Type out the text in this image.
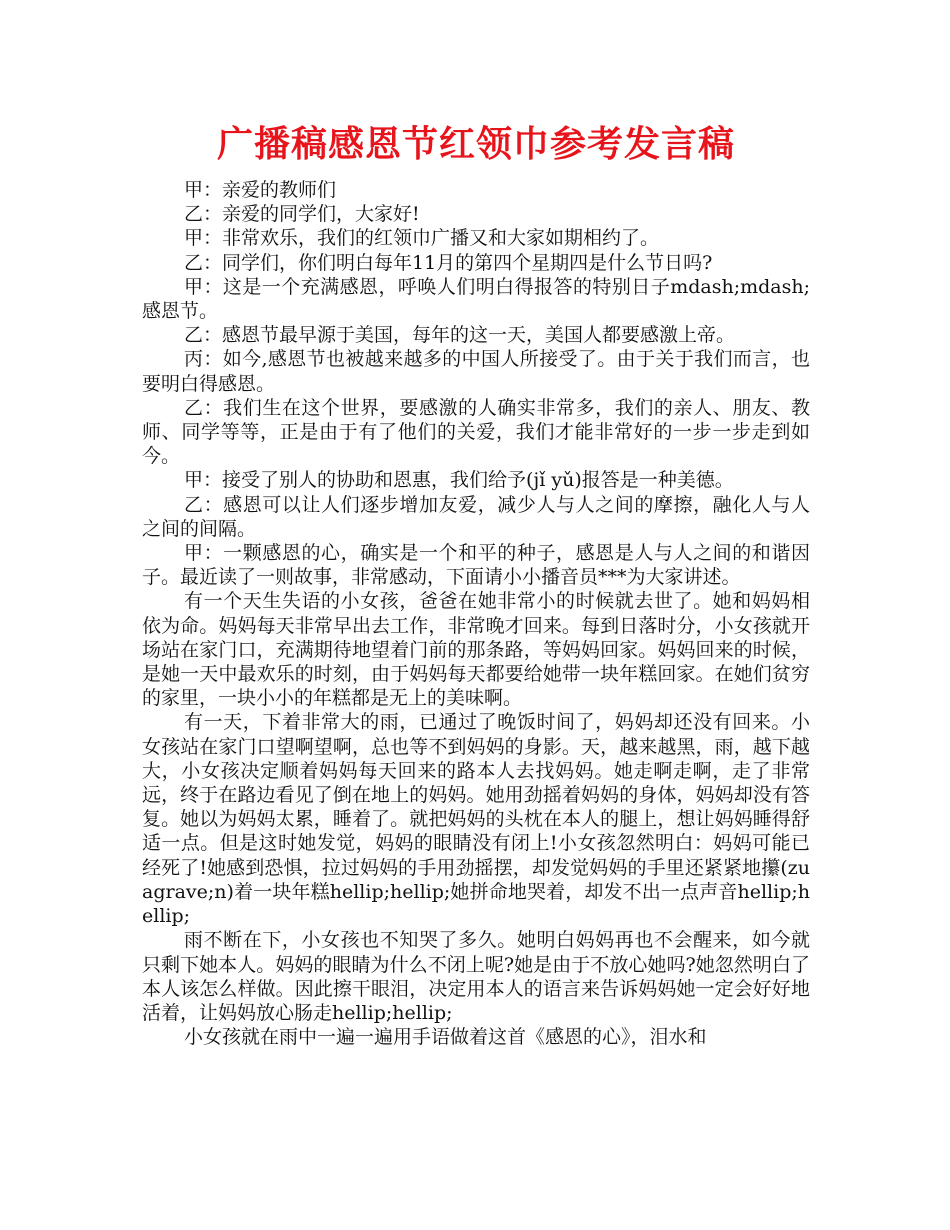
广播稿感恩节红领巾参考发言稿

甲：亲爱的教师们

乙：亲爱的同学们，大家好!

甲：非常欢乐，我们的红领巾广播又和大家如期相约了。

乙：同学们，你们明白每年11月的第四个星期四是什么节日吗?

甲：这是一个充满感恩，呼唤人们明白得报答的特别日子mdash;mdash;感恩节。

乙：感恩节最早源于美国，每年的这一天，美国人都要感激上帝。

丙：如今,感恩节也被越来越多的中国人所接受了。由于关于我们而言，也要明白得感恩。

乙：我们生在这个世界，要感激的人确实非常多，我们的亲人、朋友、教师、同学等等，正是由于有了他们的关爱，我们才能非常好的一步一步走到如今。

甲：接受了别人的协助和恩惠，我们给予(jǐ yǔ)报答是一种美德。

乙：感恩可以让人们逐步增加友爱，减少人与人之间的摩擦，融化人与人之间的间隔。

甲：一颗感恩的心，确实是一个和平的种子，感恩是人与人之间的和谐因子。最近读了一则故事，非常感动，下面请小小播音员***为大家讲述。

有一个天生失语的小女孩，爸爸在她非常小的时候就去世了。她和妈妈相依为命。妈妈每天非常早出去工作，非常晚才回来。每到日落时分，小女孩就开场站在家门口，充满期待地望着门前的那条路，等妈妈回家。妈妈回来的时候，是她一天中最欢乐的时刻，由于妈妈每天都要给她带一块年糕回家。在她们贫穷的家里，一块小小的年糕都是无上的美味啊。

有一天，下着非常大的雨，已通过了晚饭时间了，妈妈却还没有回来。小女孩站在家门口望啊望啊，总也等不到妈妈的身影。天，越来越黑，雨，越下越大，小女孩决定顺着妈妈每天回来的路本人去找妈妈。她走啊走啊，走了非常远，终于在路边看见了倒在地上的妈妈。她用劲摇着妈妈的身体，妈妈却没有答复。她以为妈妈太累，睡着了。就把妈妈的头枕在本人的腿上，想让妈妈睡得舒适一点。但是这时她发觉，妈妈的眼睛没有闭上!小女孩忽然明白：妈妈可能已经死了!她感到恐惧，拉过妈妈的手用劲摇摆，却发觉妈妈的手里还紧紧地攥(zuagrave;n)着一块年糕hellip;hellip;她拼命地哭着，却发不出一点声音hellip;hellip;

雨不断在下，小女孩也不知哭了多久。她明白妈妈再也不会醒来，如今就只剩下她本人。妈妈的眼睛为什么不闭上呢?她是由于不放心她吗?她忽然明白了本人该怎么样做。因此擦干眼泪，决定用本人的语言来告诉妈妈她一定会好好地活着，让妈妈放心肠走hellip;hellip;

小女孩就在雨中一遍一遍用手语做着这首《感恩的心》，泪水和
